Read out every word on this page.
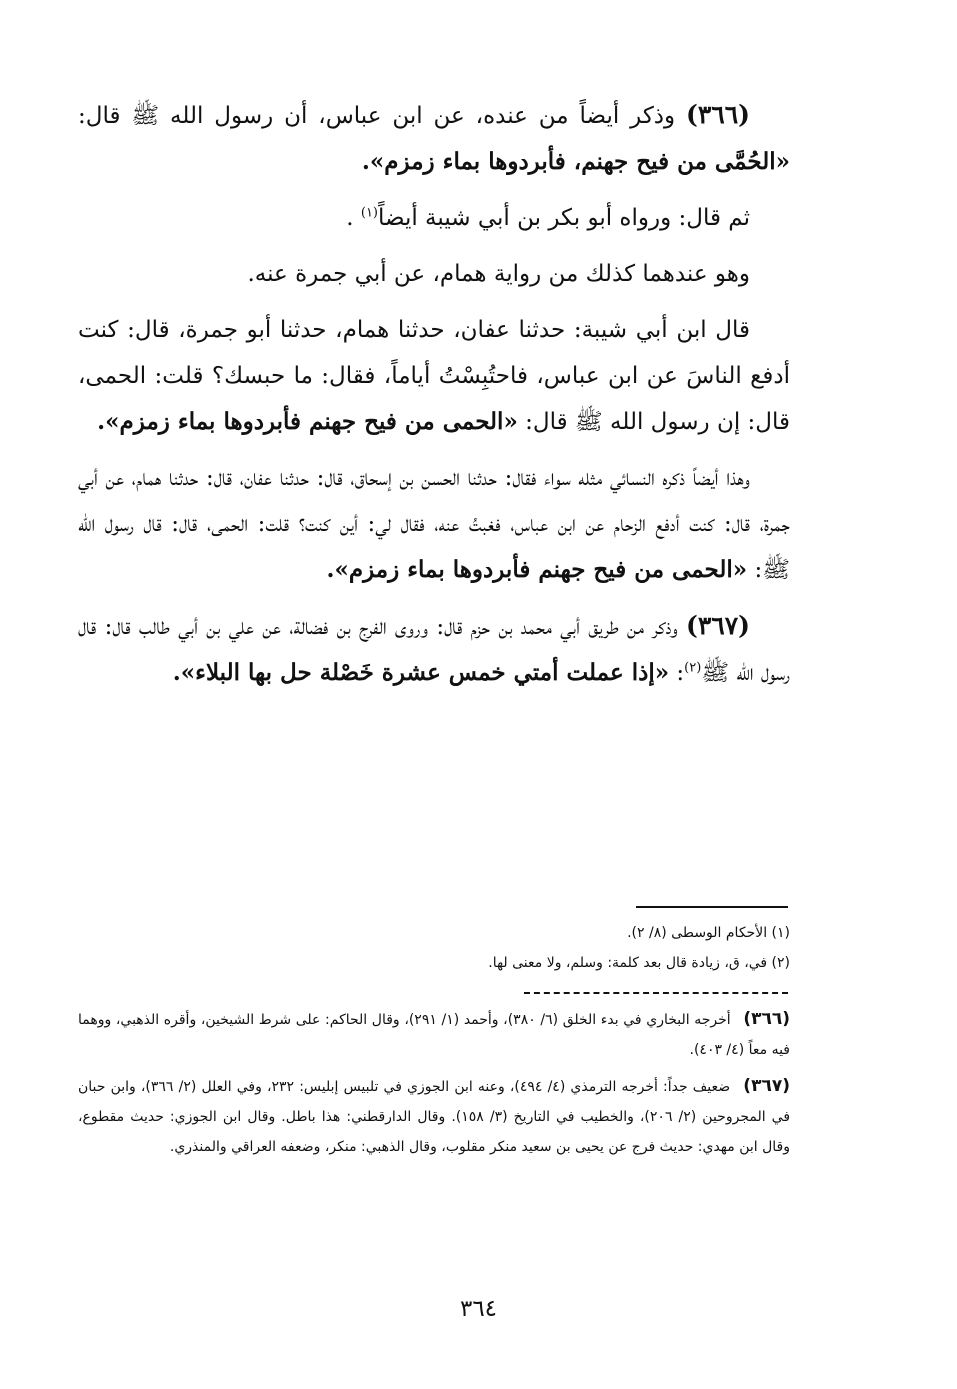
(٣٦٦) وذكر أيضاً من عنده، عن ابن عباس، أن رسول الله ﷺ قال: «الحُمَّى من فيح جهنم، فأبردوها بماء زمزم».

ثم قال: ورواه أبو بكر بن أبي شيبة أيضاً$^{(١)}$ .

وهو عندهما كذلك من رواية همام، عن أبي جمرة عنه.

قال ابن أبي شيبة: حدثنا عفان، حدثنا همام، حدثنا أبو جمرة، قال: كنت أدفع الناسَ عن ابن عباس، فاحتُبِسْتُ أياماً، فقال: ما حبسك؟ قلت: الحمى، قال: إن رسول الله ﷺ قال: «الحمى من فيح جهنم فأبردوها بماء زمزم».

وهذا أيضاً ذكره النسائي مثله سواء فقال: حدثنا الحسن بن إسحاق، قال: حدثنا عفان، قال: حدثنا همام، عن أبي جمرة، قال: كنت أدفع الزحام عن ابن عباس، فغبتُ عنه، فقال لي: أين كنت؟ قلت: الحمى، قال: قال رسول الله ﷺ: «الحمى من فيح جهنم فأبردوها بماء زمزم».

(٣٦٧) وذكر من طريق أبي محمد بن حزم قال: وروى الفرج بن فضالة، عن علي بن أبي طالب قال: قال رسول الله ﷺ$^{(٢)}$: «إذا عملت أمتي خمس عشرة خَصْلة حل بها البلاء».

(١) الأحكام الوسطى (٨/ ٢).
(٢) في، ق، زيادة قال بعد كلمة: وسلم، ولا معنى لها.

(٣٦٦) أخرجه البخاري في بدء الخلق (٦/ ٣٨٠)، وأحمد (١/ ٢٩١)، وقال الحاكم: على شرط الشيخين، وأقره الذهبي، ووهما فيه معاً (٤/ ٤٠٣).

(٣٦٧) ضعيف جداً: أخرجه الترمذي (٤/ ٤٩٤)، وعنه ابن الجوزي في تلبيس إبليس: ٢٣٢، وفي العلل (٢/ ٣٦٦)، وابن حبان في المجروحين (٢/ ٢٠٦)، والخطيب في التاريخ (٣/ ١٥٨). وقال الدارقطني: هذا باطل. وقال ابن الجوزي: حديث مقطوع، وقال ابن مهدي: حديث فرج عن يحيى بن سعيد منكر مقلوب، وقال الذهبي: منكر، وضعفه العراقي والمنذري.

٣٦٤
